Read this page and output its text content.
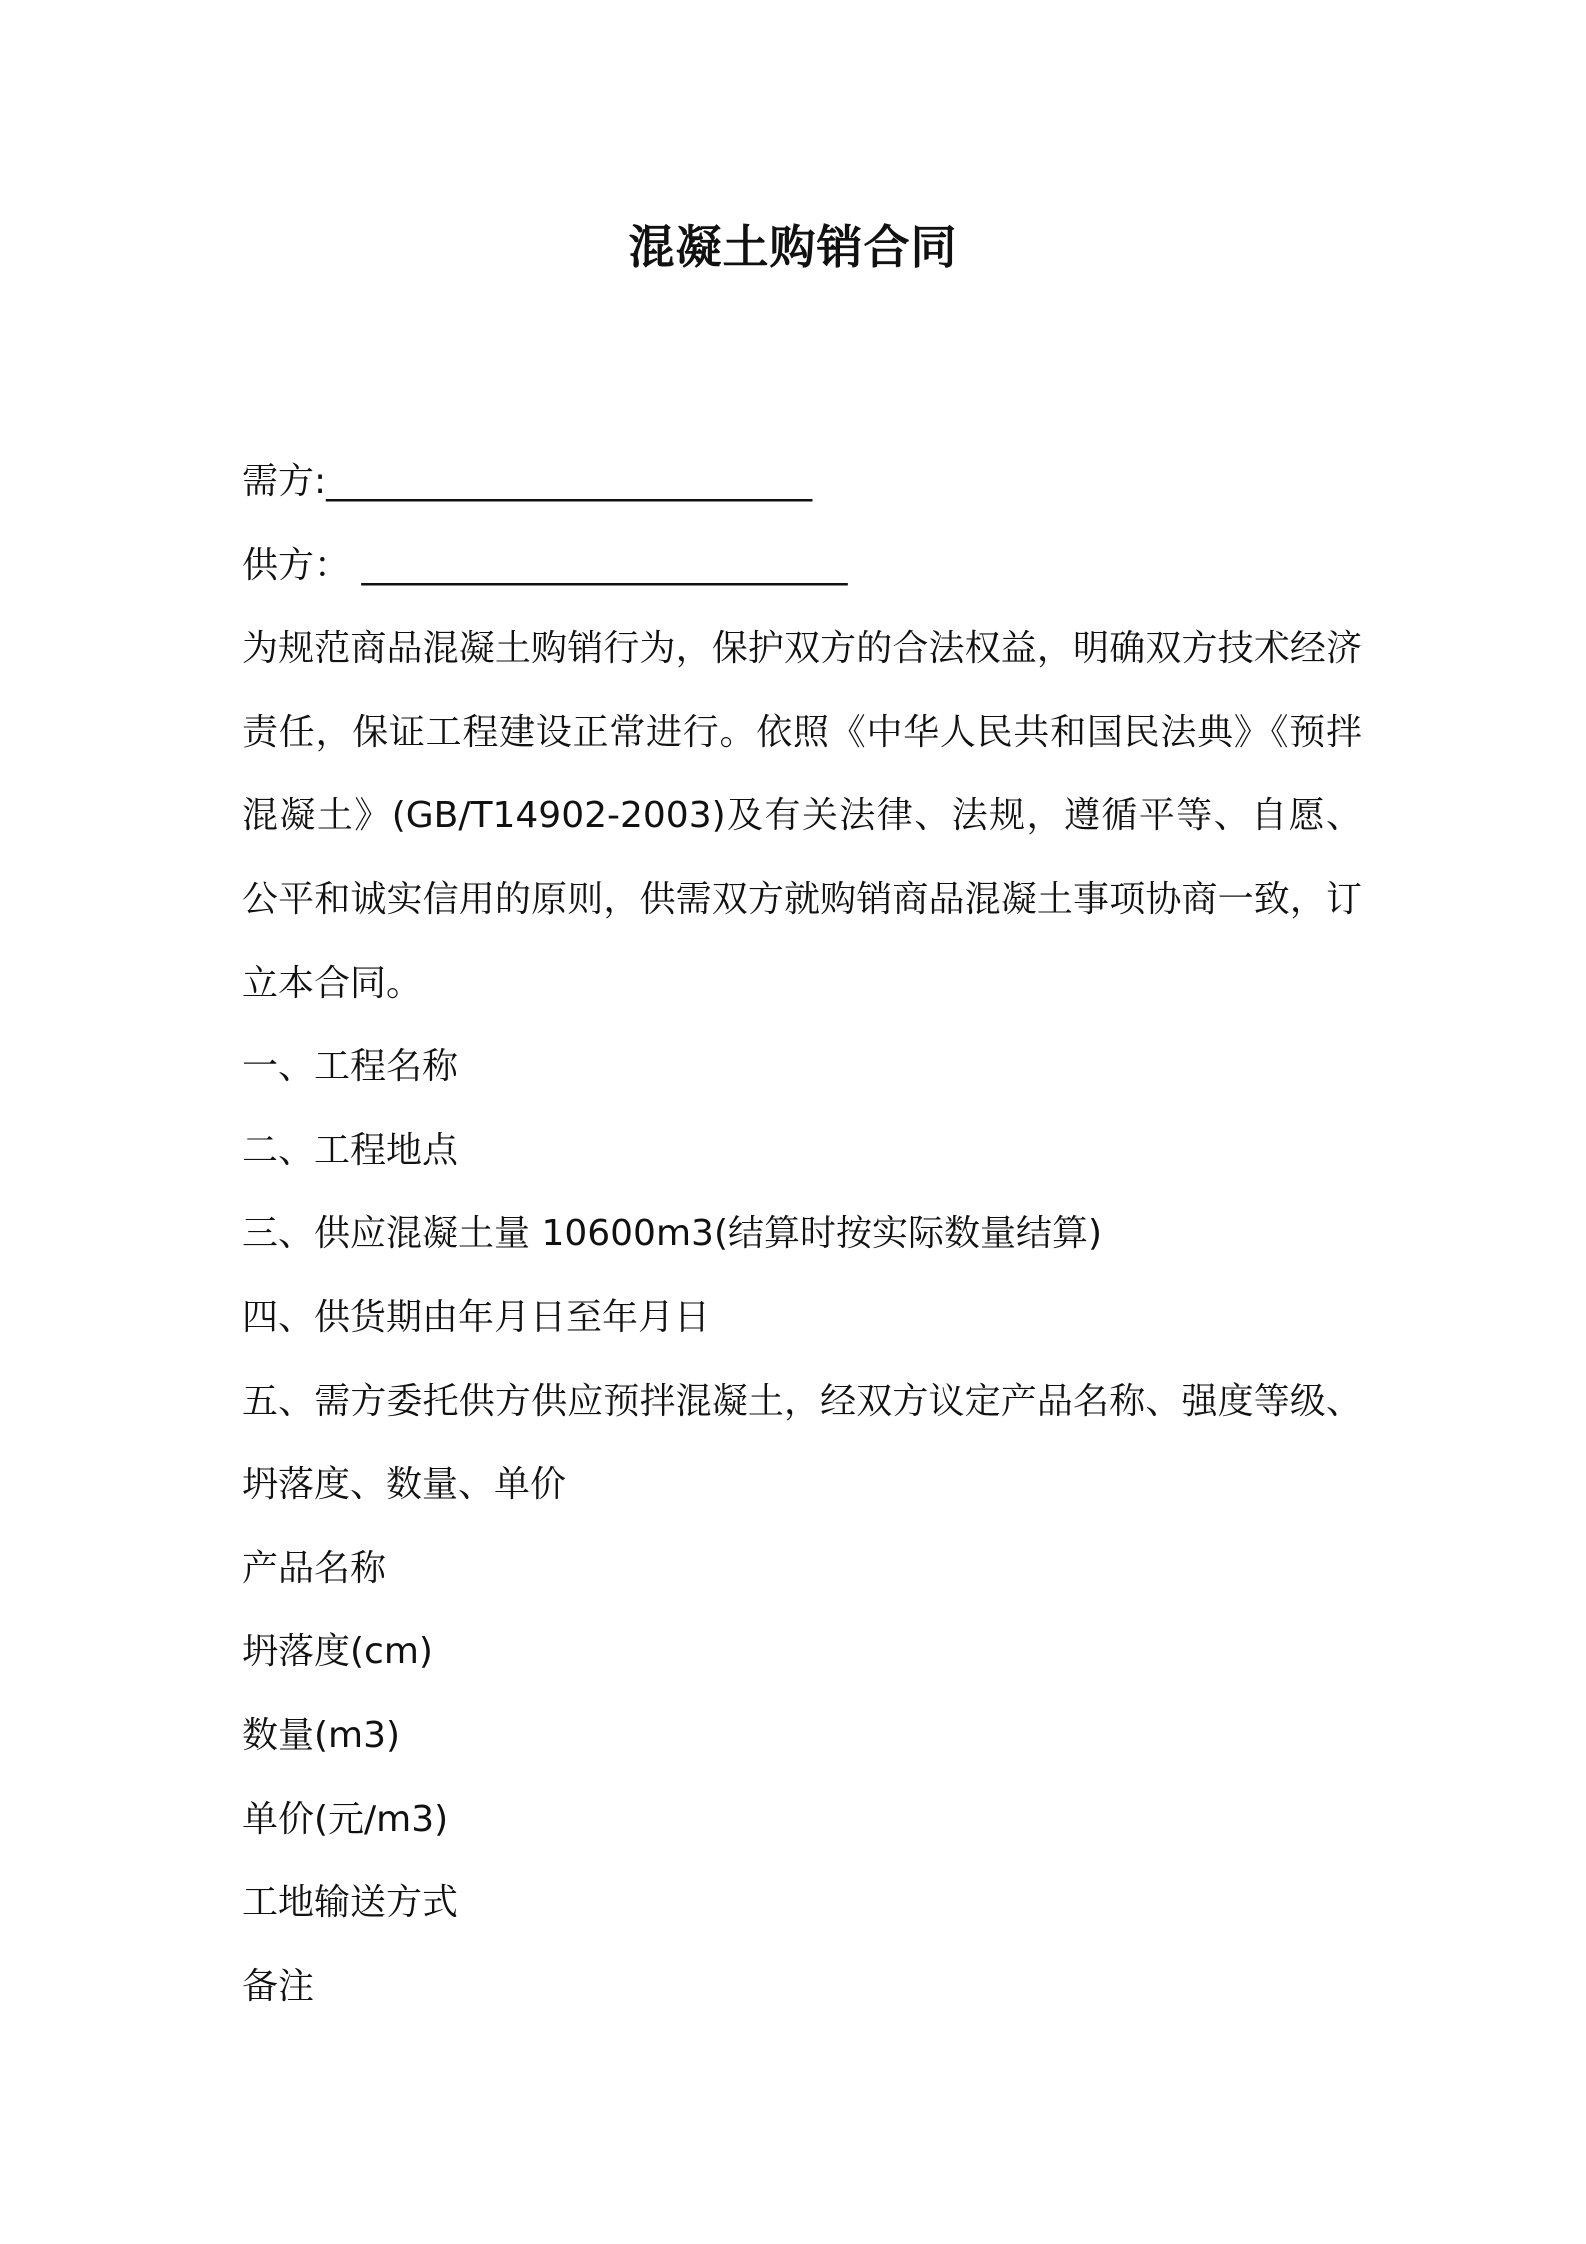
混凝土购销合同

需方:___________________________

供方： ___________________________

为规范商品混凝土购销行为，保护双方的合法权益，明确双方技术经济责任，保证工程建设正常进行。依照《中华人民共和国民法典》《预拌混凝土》(GB/T14902-2003)及有关法律、法规，遵循平等、自愿、公平和诚实信用的原则，供需双方就购销商品混凝土事项协商一致，订立本合同。

一、工程名称

二、工程地点

三、供应混凝土量 10600m3(结算时按实际数量结算)

四、供货期由年月日至年月日

五、需方委托供方供应预拌混凝土，经双方议定产品名称、强度等级、坍落度、数量、单价

产品名称

坍落度(cm)

数量(m3)

单价(元/m3)

工地输送方式

备注
